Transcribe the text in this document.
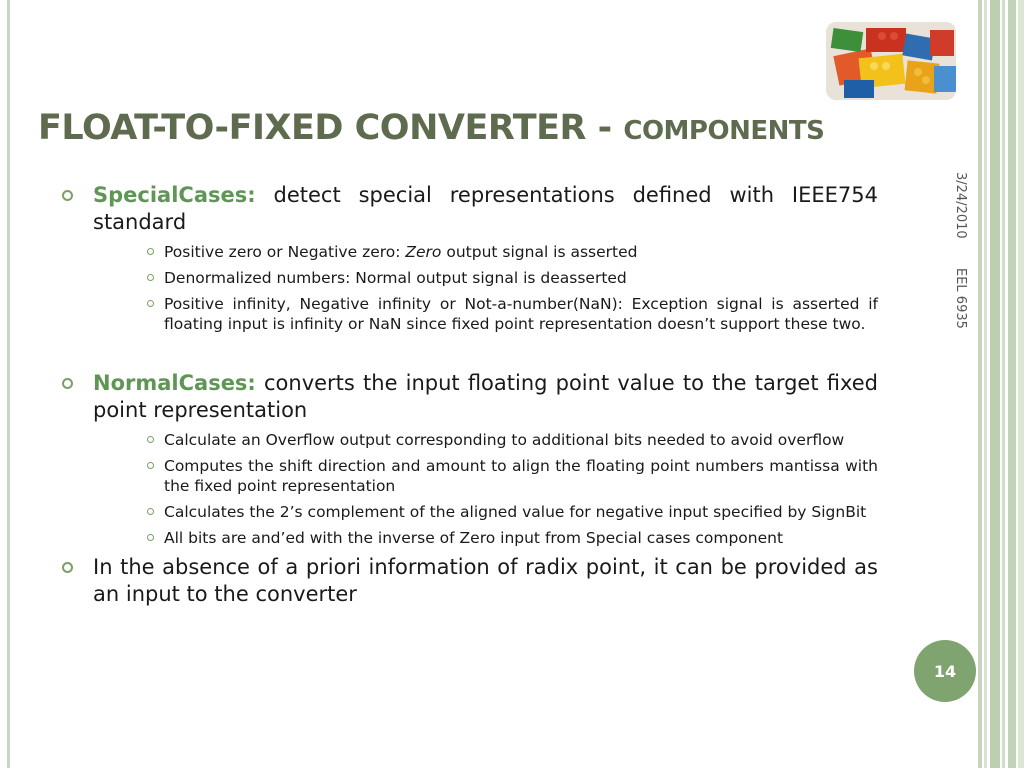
FLOAT-TO-FIXED CONVERTER - COMPONENTS
3/24/2010
EEL 6935

SpecialCases: detect special representations defined with IEEE754 standard

Positive zero or Negative zero: Zero output signal is asserted
Denormalized numbers: Normal output signal is deasserted
Positive infinity, Negative infinity or Not-a-number(NaN): Exception signal is asserted if floating input is infinity or NaN since fixed point representation doesn’t support these two.

NormalCases: converts the input floating point value to the target fixed point representation

Calculate an Overflow output corresponding to additional bits needed to avoid overflow
Computes the shift direction and amount to align the floating point numbers mantissa with the fixed point representation
Calculates the 2’s complement of the aligned value for negative input specified by SignBit
All bits are and’ed with the inverse of Zero input from Special cases component

In the absence of a priori information of radix point, it can be provided as an input to the converter

14
